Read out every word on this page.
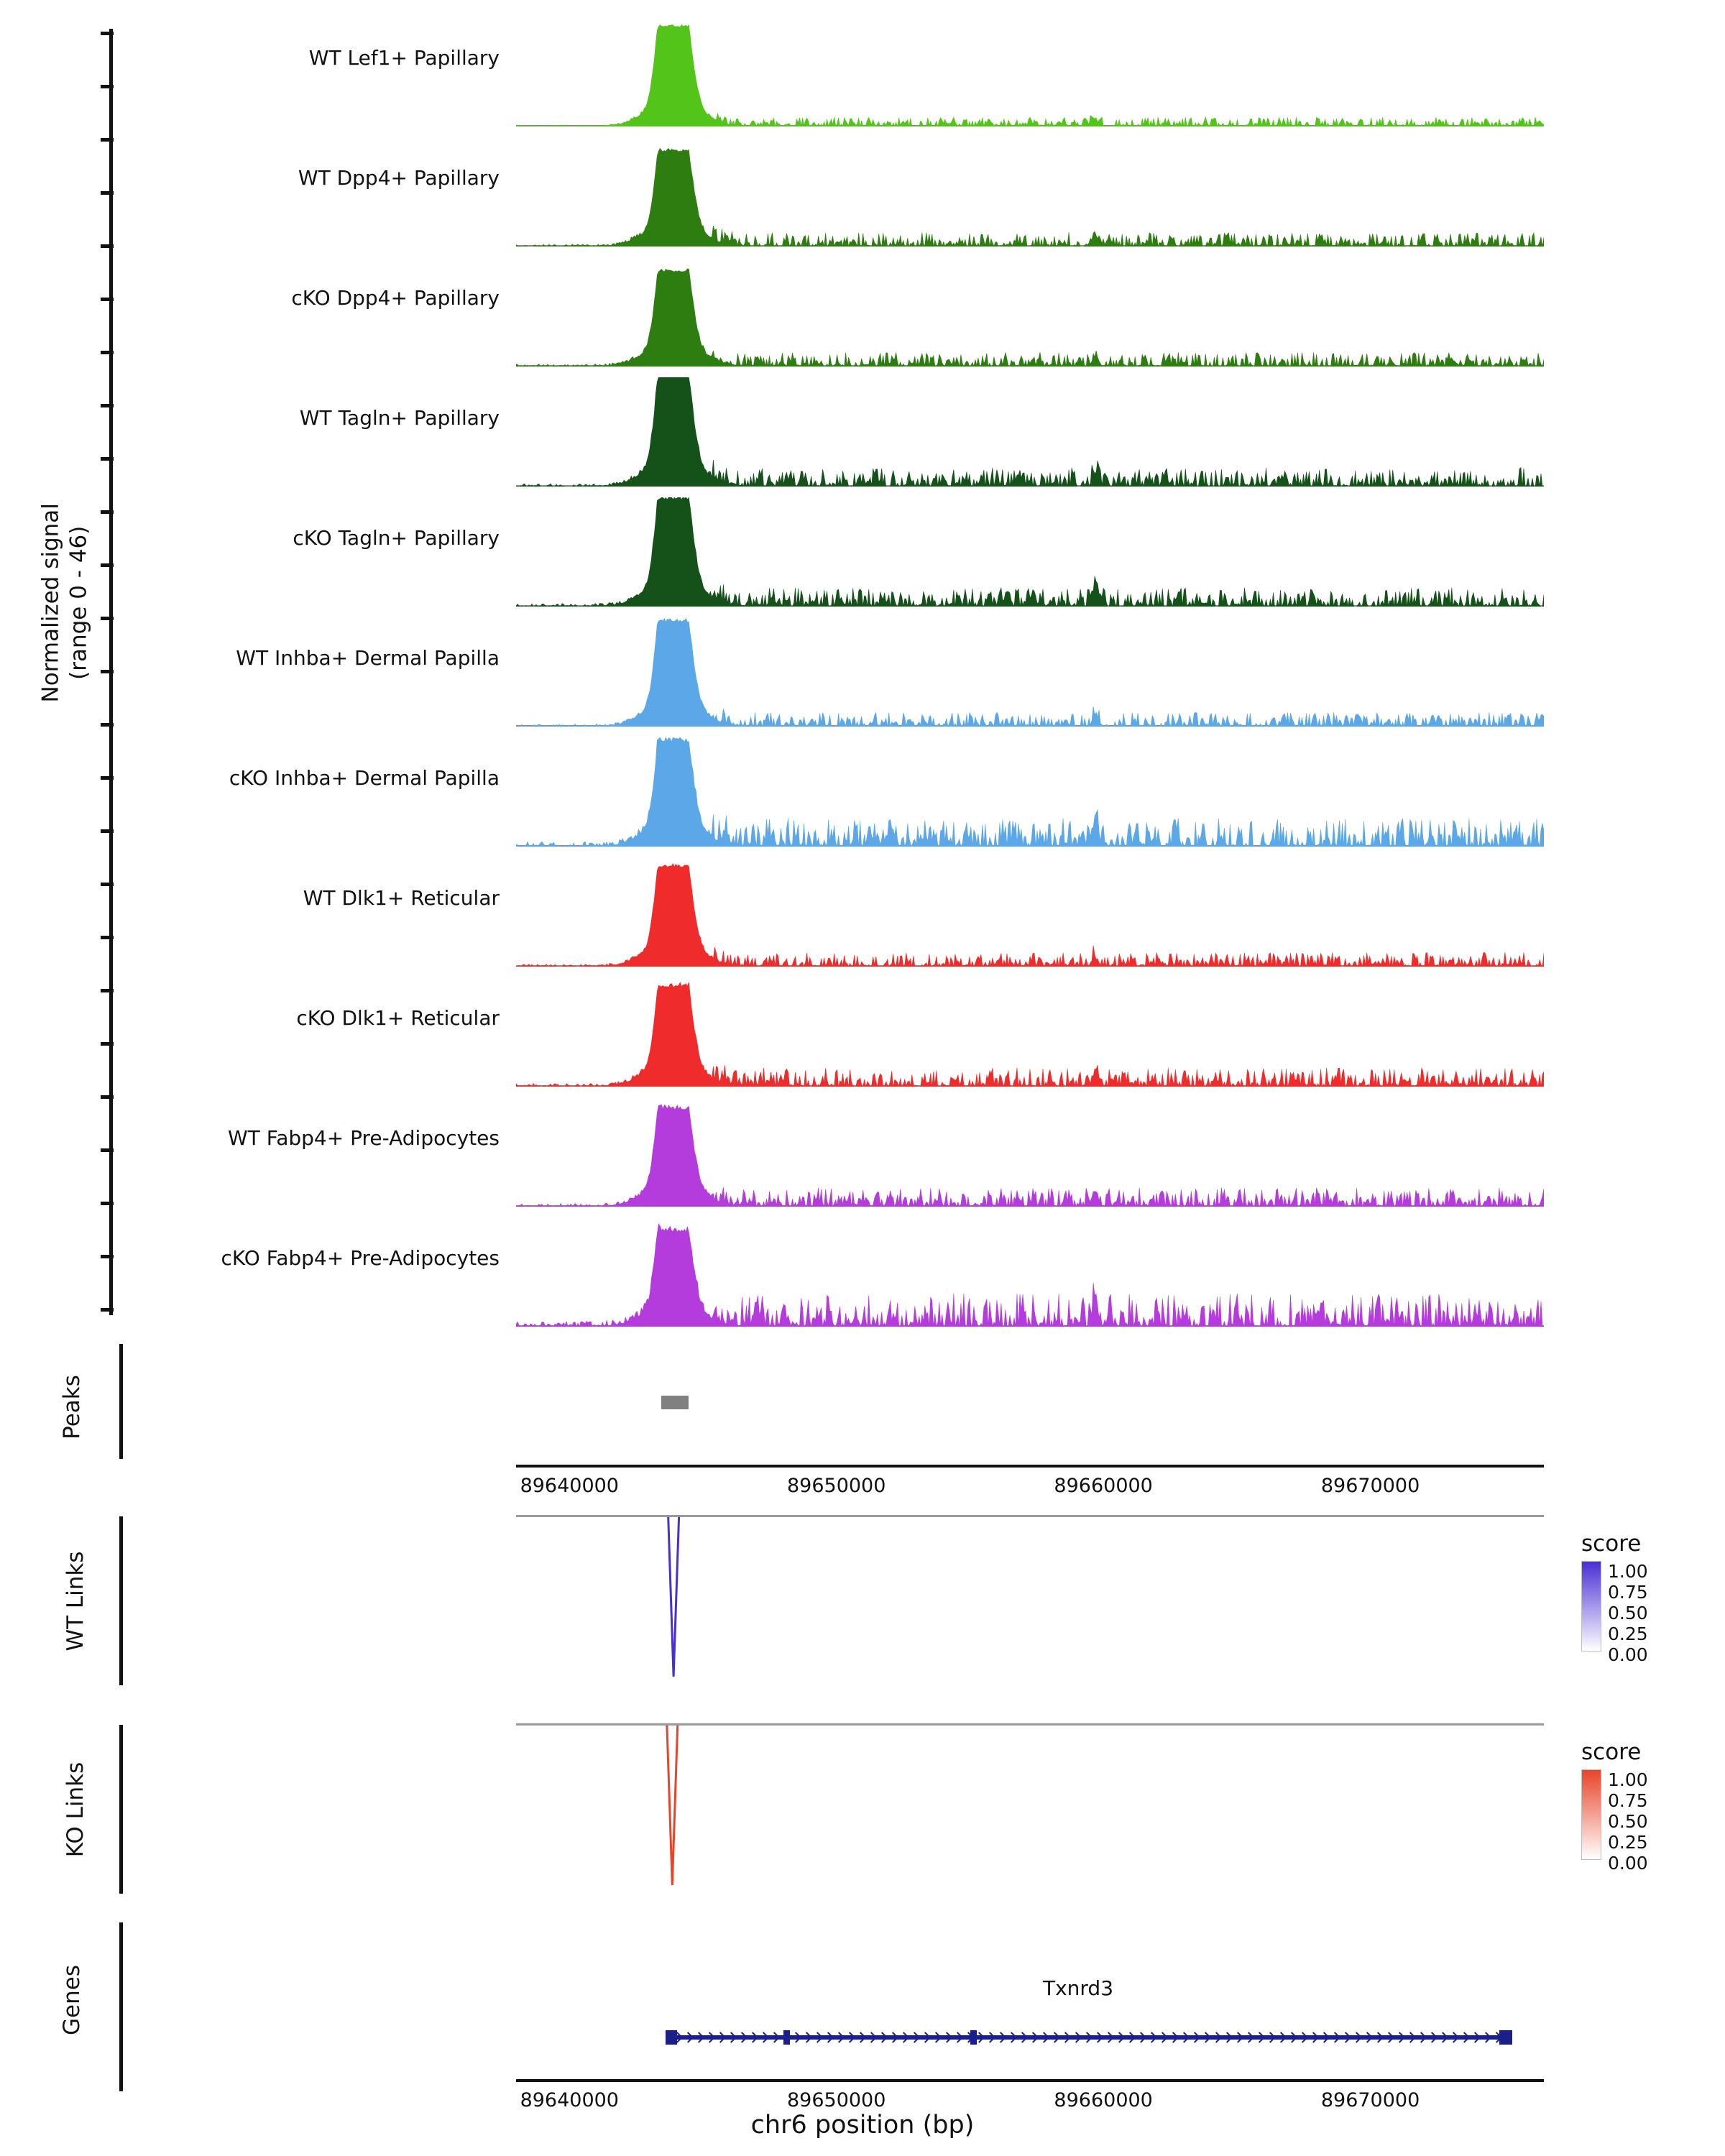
Normalized signal (range 0 - 46)
WT Lef1+ Papillary
WT Dpp4+ Papillary
cKO Dpp4+ Papillary
WT Tagln+ Papillary
cKO Tagln+ Papillary
WT Inhba+ Dermal Papilla
cKO Inhba+ Dermal Papilla
WT Dlk1+ Reticular
cKO Dlk1+ Reticular
WT Fabp4+ Pre-Adipocytes
cKO Fabp4+ Pre-Adipocytes
Peaks
89640000	89650000	89660000	89670000
WT Links
score
1.00
0.75
0.50
0.25
0.00
KO Links
score
1.00
0.75
0.50
0.25
0.00
Genes	Txnrd3
89640000	89650000	89660000	89670000
chr6 position (bp)
